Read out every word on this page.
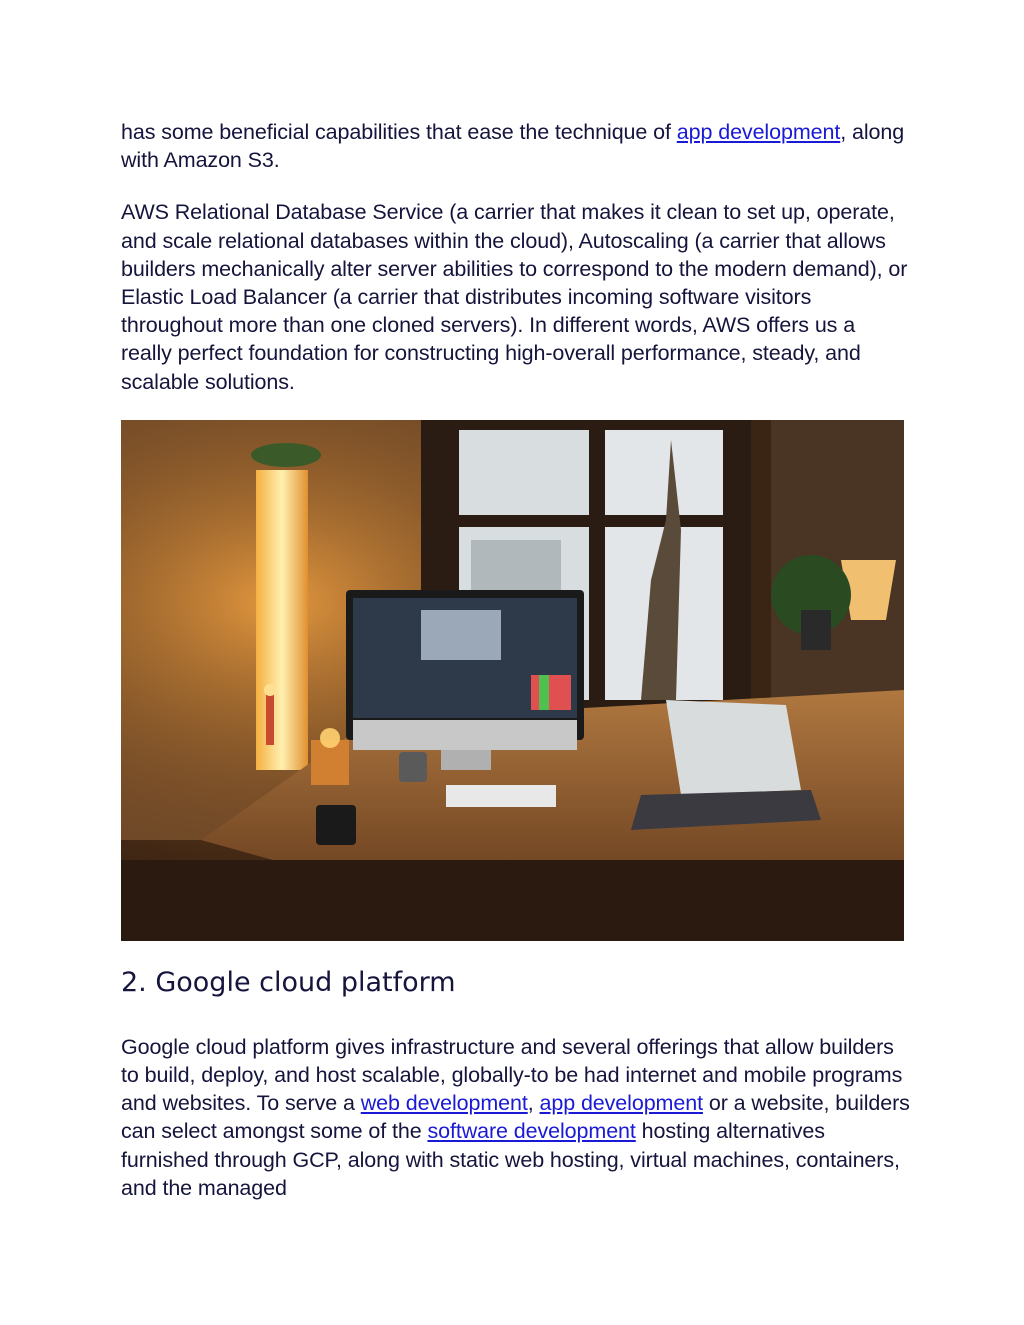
has some beneficial capabilities that ease the technique of app development, along with Amazon S3.

AWS Relational Database Service (a carrier that makes it clean to set up, operate, and scale relational databases within the cloud), Autoscaling (a carrier that allows builders mechanically alter server abilities to correspond to the modern demand), or Elastic Load Balancer (a carrier that distributes incoming software visitors throughout more than one cloned servers). In different words, AWS offers us a really perfect foundation for constructing high-overall performance, steady, and scalable solutions.

2. Google cloud platform

Google cloud platform gives infrastructure and several offerings that allow builders to build, deploy, and host scalable, globally-to be had internet and mobile programs and websites. To serve a web development, app development or a website, builders can select amongst some of the software development hosting alternatives furnished through GCP, along with static web hosting, virtual machines, containers, and the managed
